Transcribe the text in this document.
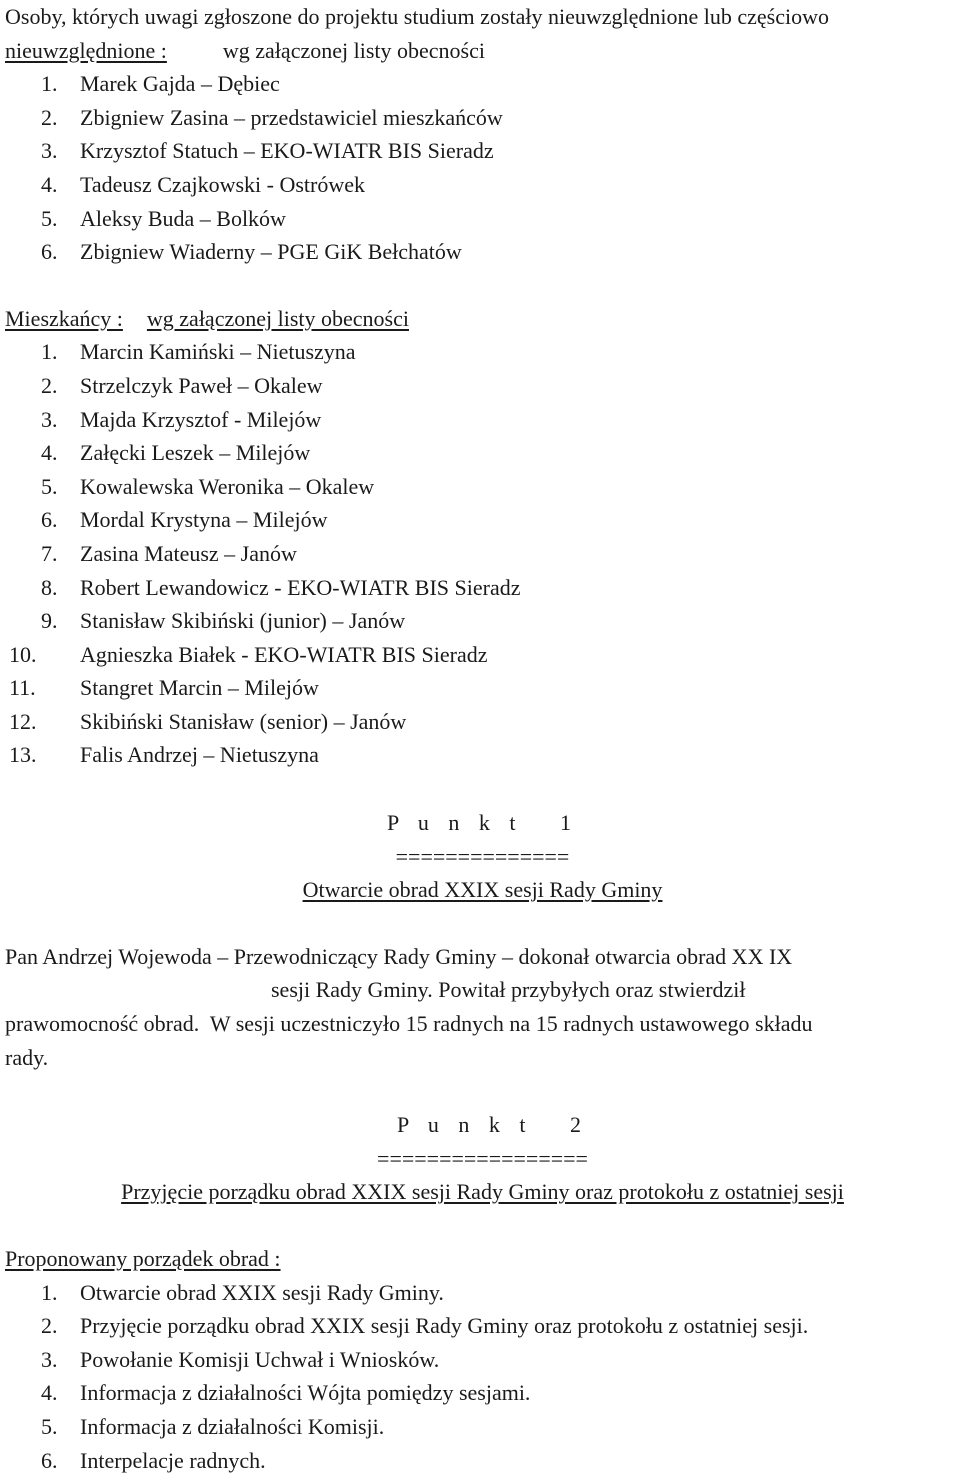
Osoby, których uwagi zgłoszone do projektu studium zostały nieuwzględnione lub częściowo

nieuwzględnione :	wg załączonej listy obecności

1. Marek Gajda – Dębiec

2. Zbigniew Zasina – przedstawiciel mieszkańców

3. Krzysztof Statuch – EKO-WIATR BIS Sieradz

4. Tadeusz Czajkowski - Ostrówek

5. Aleksy Buda – Bolków

6. Zbigniew Wiaderny – PGE GiK Bełchatów

Mieszkańcy : wg załączonej listy obecności

1. Marcin Kamiński – Nietuszyna

2. Strzelczyk Paweł – Okalew

3. Majda Krzysztof - Milejów

4. Załęcki Leszek – Milejów

5. Kowalewska Weronika – Okalew

6. Mordal Krystyna – Milejów

7. Zasina Mateusz – Janów

8. Robert Lewandowicz - EKO-WIATR BIS Sieradz

9. Stanisław Skibiński (junior) – Janów

10. Agnieszka Białek - EKO-WIATR BIS Sieradz

11. Stangret Marcin – Milejów

12. Skibiński Stanisław (senior) – Janów

13. Falis Andrzej – Nietuszyna

P u n k t   1

==============

Otwarcie obrad XXIX sesji Rady Gminy

Pan Andrzej Wojewoda – Przewodniczący Rady Gminy – dokonał otwarcia obrad XX IX

sesji Rady Gminy. Powitał przybyłych oraz stwierdził

prawomocność obrad.  W sesji uczestniczyło 15 radnych na 15 radnych ustawowego składu

rady.

P u n k t   2

=================

Przyjęcie porządku obrad XXIX sesji Rady Gminy oraz protokołu z ostatniej sesji

Proponowany porządek obrad :

1. Otwarcie obrad XXIX sesji Rady Gminy.

2. Przyjęcie porządku obrad XXIX sesji Rady Gminy oraz protokołu z ostatniej sesji.

3. Powołanie Komisji Uchwał i Wniosków.

4. Informacja z działalności Wójta pomiędzy sesjami.

5. Informacja z działalności Komisji.

6. Interpelacje radnych.
